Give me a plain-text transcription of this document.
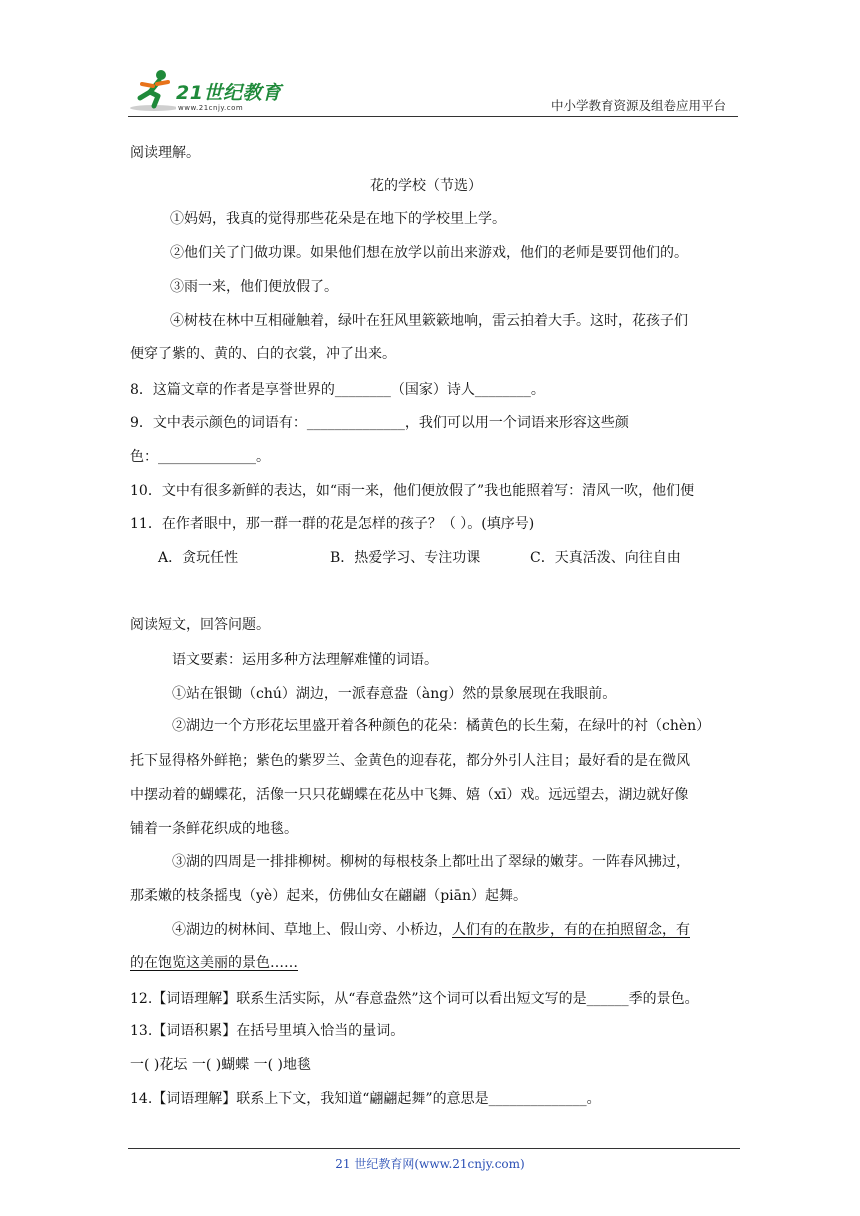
21世纪教育
www.21cnjy.com	中小学教育资源及组卷应用平台
阅读理解。
花的学校（节选）
①妈妈，我真的觉得那些花朵是在地下的学校里上学。
②他们关了门做功课。如果他们想在放学以前出来游戏，他们的老师是要罚他们的。
③雨一来，他们便放假了。
④树枝在林中互相碰触着，绿叶在狂风里簌簌地响，雷云拍着大手。这时，花孩子们
便穿了紫的、黄的、白的衣裳，冲了出来。
8．这篇文章的作者是享誉世界的________（国家）诗人________。
9．文中表示颜色的词语有：______________，我们可以用一个词语来形容这些颜
色：______________。
10．文中有很多新鲜的表达，如“雨一来，他们便放假了”我也能照着写：清风一吹，他们便
11．在作者眼中，那一群一群的花是怎样的孩子？（ ）。(填序号)
A．贪玩任性	B．热爱学习、专注功课	C．天真活泼、向往自由
阅读短文，回答问题。
语文要素：运用多种方法理解难懂的词语。
①站在银锄（chú）湖边，一派春意盎（àng）然的景象展现在我眼前。
②湖边一个方形花坛里盛开着各种颜色的花朵：橘黄色的长生菊，在绿叶的衬（chèn）
托下显得格外鲜艳；紫色的紫罗兰、金黄色的迎春花，都分外引人注目；最好看的是在微风
中摆动着的蝴蝶花，活像一只只花蝴蝶在花丛中飞舞、嬉（xī）戏。远远望去，湖边就好像
铺着一条鲜花织成的地毯。
③湖的四周是一排排柳树。柳树的每根枝条上都吐出了翠绿的嫩芽。一阵春风拂过，
那柔嫩的枝条摇曳（yè）起来，仿佛仙女在翩翩（piān）起舞。
④湖边的树林间、草地上、假山旁、小桥边，人们有的在散步，有的在拍照留念，有
的在饱览这美丽的景色……
12.【词语理解】联系生活实际，从“春意盎然”这个词可以看出短文写的是______季的景色。
13.【词语积累】在括号里填入恰当的量词。
一( )花坛 一( )蝴蝶 一( )地毯
14.【词语理解】联系上下文，我知道“翩翩起舞”的意思是______________。
21 世纪教育网(www.21cnjy.com)
